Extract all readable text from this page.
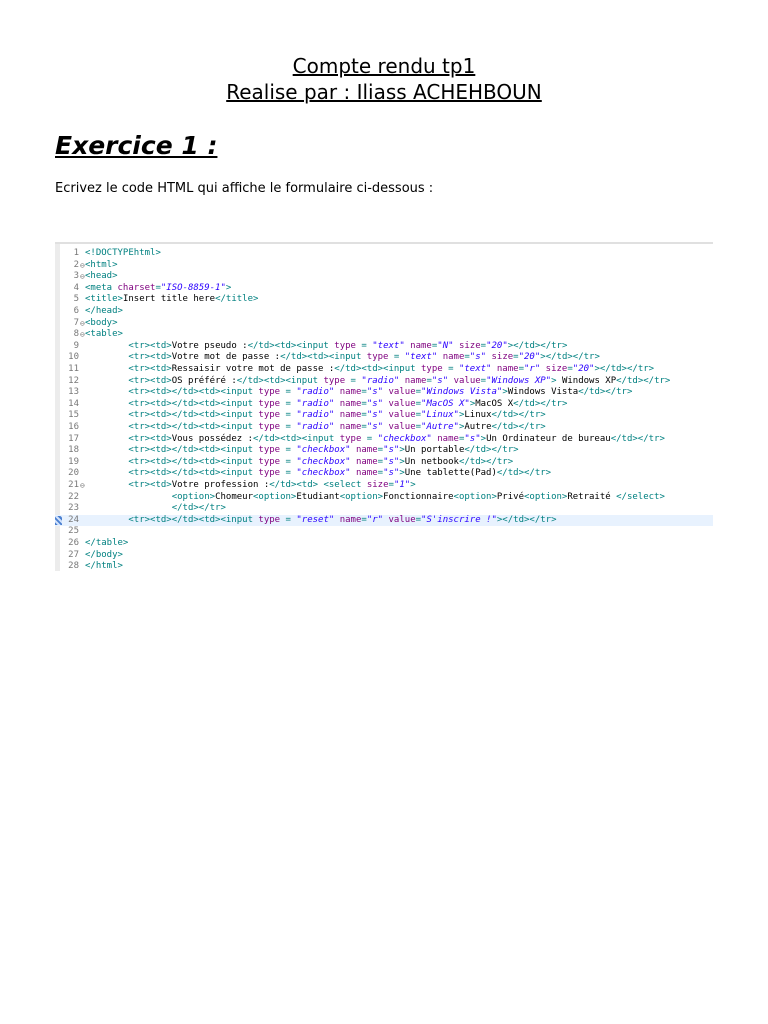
Compte rendu tp1
Realise par : Iliass ACHEHBOUN
Exercice 1 :
Ecrivez le code HTML qui affiche le formulaire ci-dessous :
1 <!DOCTYPEhtml>
2 ⊖ <html>
3 ⊖ <head>
4 <meta charset="ISO-8859-1">
5 <title>Insert title here</title>
6 </head>
7 ⊖ <body>
8 ⊖ <table>
9	<tr><td>Votre pseudo :</td><td><input type = "text" name="N" size="20"></td></tr>
10	<tr><td>Votre mot de passe :</td><td><input type = "text" name="s" size="20"></td></tr>
11	<tr><td>Ressaisir votre mot de passe :</td><td><input type = "text" name="r" size="20"></td></tr>
12	<tr><td>OS préféré :</td><td><input type = "radio" name="s" value="Windows XP"> Windows XP</td></tr>
13	<tr><td></td><td><input type = "radio" name="s" value="Windows Vista">Windows Vista</td></tr>
14	<tr><td></td><td><input type = "radio" name="s" value="MacOS X">MacOS X</td></tr>
15	<tr><td></td><td><input type = "radio" name="s" value="Linux">Linux</td></tr>
16	<tr><td></td><td><input type = "radio" name="s" value="Autre">Autre</td></tr>
17	<tr><td>Vous possédez :</td><td><input type = "checkbox" name="s">Un Ordinateur de bureau</td></tr>
18	<tr><td></td><td><input type = "checkbox" name="s">Un portable</td></tr>
19	<tr><td></td><td><input type = "checkbox" name="s">Un netbook</td></tr>
20	<tr><td></td><td><input type = "checkbox" name="s">Une tablette(Pad)</td></tr>
21 ⊖	<tr><td>Votre profession :</td><td> <select size="1">
22	<option>Chomeur<option>Etudiant<option>Fonctionnaire<option>Privé<option>Retraité </select>
23	</td></tr>
24	<tr><td></td><td><input type = "reset" name="r" value="S'inscrire !"></td></tr>
25
26 </table>
27 </body>
28 </html>
